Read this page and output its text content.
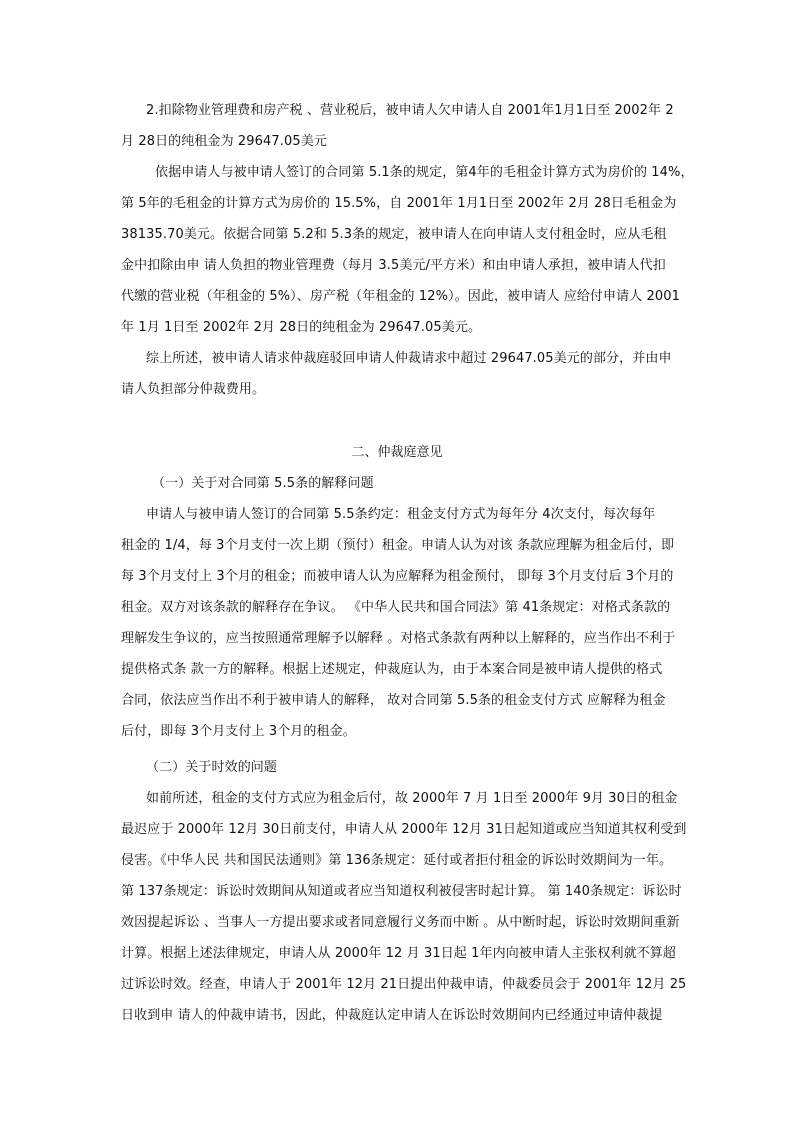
2.扣除物业管理费和房产税 、营业税后，被申请人欠申请人自 2001年1月1日至 2002年 2
月 28日的纯租金为 29647.05美元
依据申请人与被申请人签订的合同第 5.1条的规定，第4年的毛租金计算方式为房价的 14%，
第 5年的毛租金的计算方式为房价的 15.5%，自 2001年 1月1日至 2002年 2月 28日毛租金为
38135.70美元。依据合同第 5.2和 5.3条的规定，被申请人在向申请人支付租金时，应从毛租
金中扣除由申 请人负担的物业管理费（每月 3.5美元/平方米）和由申请人承担，被申请人代扣
代缴的营业税（年租金的 5%）、房产税（年租金的 12%）。因此，被申请人 应给付申请人 2001
年 1月 1日至 2002年 2月 28日的纯租金为 29647.05美元。
综上所述，被申请人请求仲裁庭驳回申请人仲裁请求中超过 29647.05美元的部分，并由申
请人负担部分仲裁费用。
二、仲裁庭意见
（一）关于对合同第 5.5条的解释问题
申请人与被申请人签订的合同第 5.5条约定：租金支付方式为每年分 4次支付，每次每年
租金的 1/4，每 3个月支付一次上期（预付）租金。申请人认为对该 条款应理解为租金后付，即
每 3个月支付上 3个月的租金；而被申请人认为应解释为租金预付， 即每 3个月支付后 3个月的
租金。双方对该条款的解释存在争议。 《中华人民共和国合同法》第 41条规定：对格式条款的
理解发生争议的，应当按照通常理解予以解释 。对格式条款有两种以上解释的，应当作出不利于
提供格式条 款一方的解释。根据上述规定，仲裁庭认为，由于本案合同是被申请人提供的格式
合同，依法应当作出不利于被申请人的解释， 故对合同第 5.5条的租金支付方式 应解释为租金
后付，即每 3个月支付上 3个月的租金。
（二）关于时效的问题
如前所述，租金的支付方式应为租金后付，故 2000年 7 月 1日至 2000年 9月 30日的租金
最迟应于 2000年 12月 30日前支付，申请人从 2000年 12月 31日起知道或应当知道其权利受到
侵害。《中华人民 共和国民法通则》第 136条规定：延付或者拒付租金的诉讼时效期间为一年。
第 137条规定：诉讼时效期间从知道或者应当知道权利被侵害时起计算。 第 140条规定：诉讼时
效因提起诉讼 、当事人一方提出要求或者同意履行义务而中断 。从中断时起，诉讼时效期间重新
计算。根据上述法律规定，申请人从 2000年 12 月 31日起 1年内向被申请人主张权利就不算超
过诉讼时效。经查，申请人于 2001年 12月 21日提出仲裁申请，仲裁委员会于 2001年 12月 25
日收到申 请人的仲裁申请书，因此，仲裁庭认定申请人在诉讼时效期间内已经通过申请仲裁提
